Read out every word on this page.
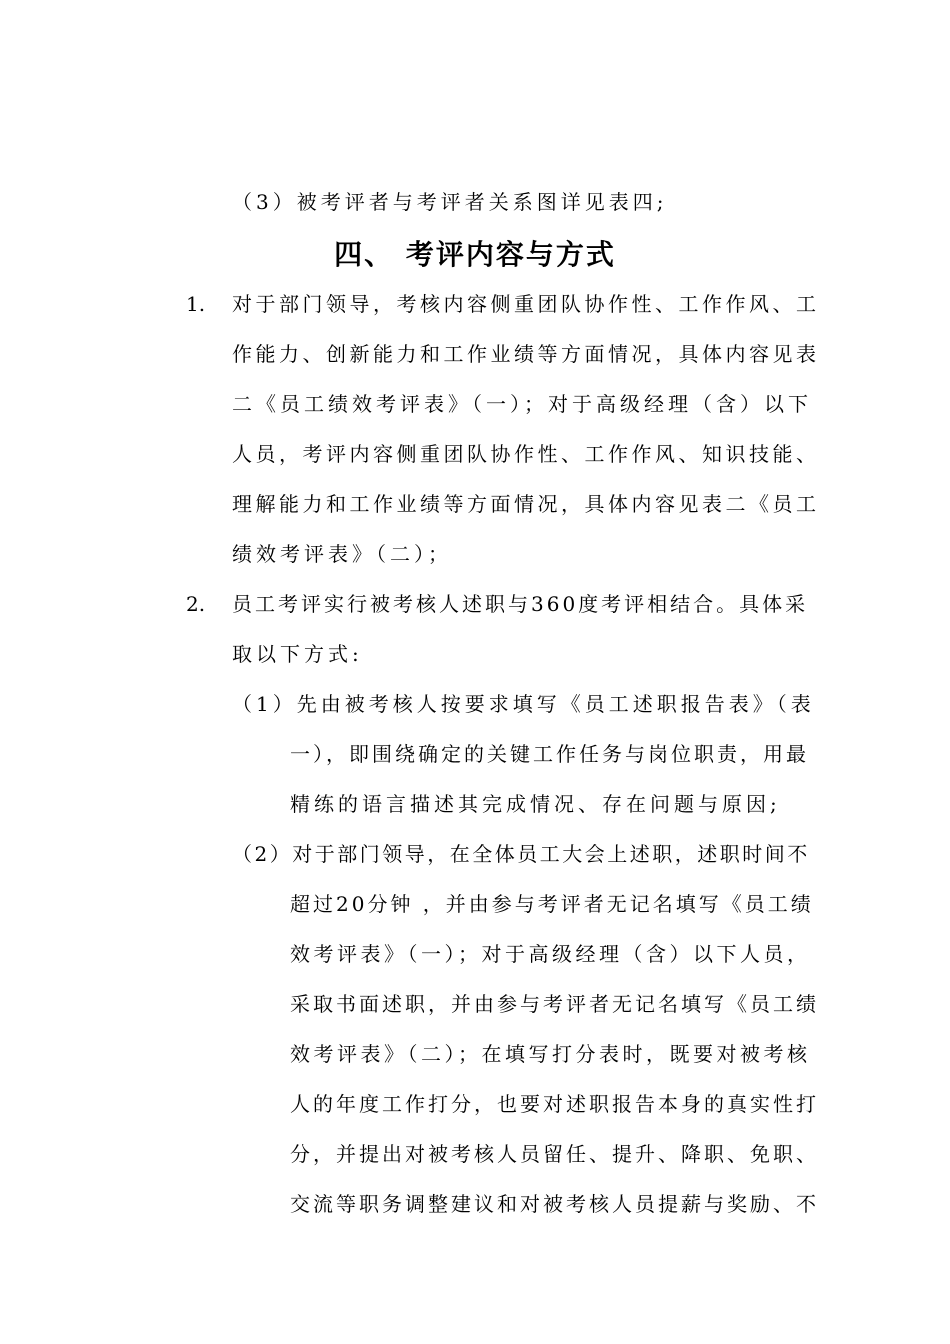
（3）被考评者与考评者关系图详见表四;
四、 考评内容与方式
1. 对于部门领导，考核内容侧重团队协作性、工作作风、工
作能力、创新能力和工作业绩等方面情况，具体内容见表
二《员工绩效考评表》（一）；对于高级经理（含）以下
人员，考评内容侧重团队协作性、工作作风、知识技能、
理解能力和工作业绩等方面情况，具体内容见表二《员工
绩效考评表》（二）；
2. 员工考评实行被考核人述职与360度考评相结合。具体采
取以下方式:
（1）先由被考核人按要求填写《员工述职报告表》（表
一），即围绕确定的关键工作任务与岗位职责，用最
精练的语言描述其完成情况、存在问题与原因;
（2）对于部门领导，在全体员工大会上述职，述职时间不
超过20分钟 ，并由参与考评者无记名填写《员工绩
效考评表》（一）；对于高级经理（含）以下人员，
采取书面述职，并由参与考评者无记名填写《员工绩
效考评表》（二）；在填写打分表时，既要对被考核
人的年度工作打分，也要对述职报告本身的真实性打
分，并提出对被考核人员留任、提升、降职、免职、
交流等职务调整建议和对被考核人员提薪与奖励、不
